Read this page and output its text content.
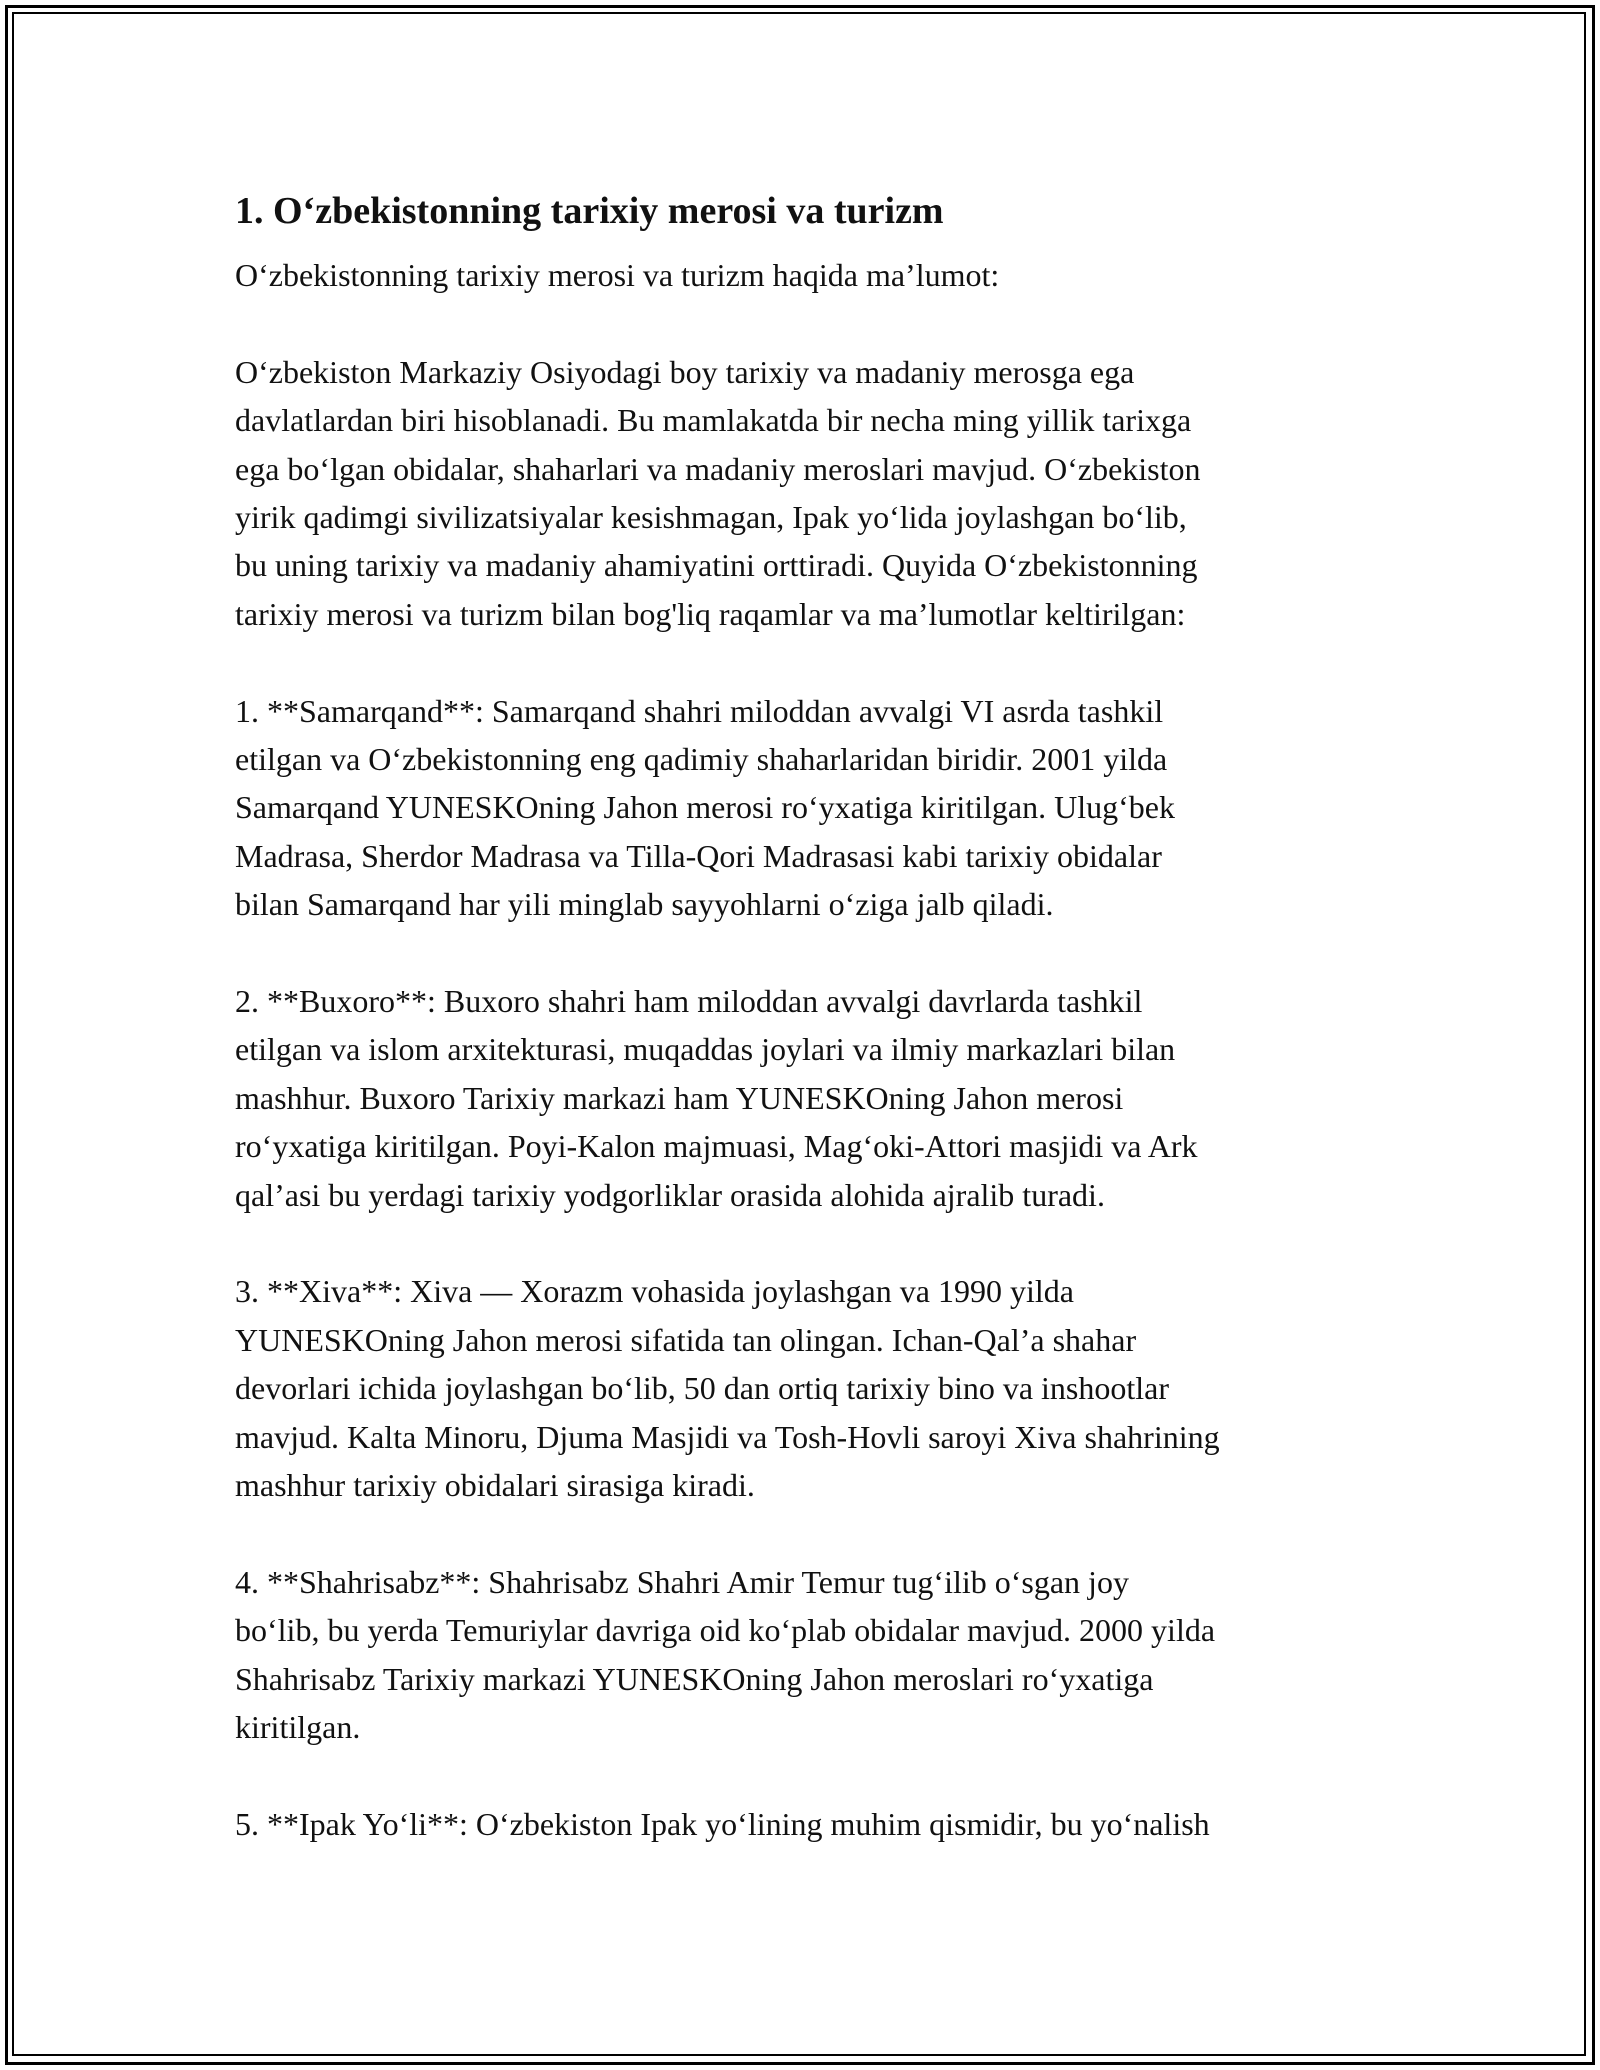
1. O‘zbekistonning tarixiy merosi va turizm
O‘zbekistonning tarixiy merosi va turizm haqida ma’lumot:
O‘zbekiston Markaziy Osiyodagi boy tarixiy va madaniy merosga ega
davlatlardan biri hisoblanadi. Bu mamlakatda bir necha ming yillik tarixga
ega bo‘lgan obidalar, shaharlari va madaniy meroslari mavjud. O‘zbekiston
yirik qadimgi sivilizatsiyalar kesishmagan, Ipak yo‘lida joylashgan bo‘lib,
bu uning tarixiy va madaniy ahamiyatini orttiradi. Quyida O‘zbekistonning
tarixiy merosi va turizm bilan bog'liq raqamlar va ma’lumotlar keltirilgan:
1. **Samarqand**: Samarqand shahri miloddan avvalgi VI asrda tashkil
etilgan va O‘zbekistonning eng qadimiy shaharlaridan biridir. 2001 yilda
Samarqand YUNESKOning Jahon merosi ro‘yxatiga kiritilgan. Ulug‘bek
Madrasa, Sherdor Madrasa va Tilla-Qori Madrasasi kabi tarixiy obidalar
bilan Samarqand har yili minglab sayyohlarni o‘ziga jalb qiladi.
2. **Buxoro**: Buxoro shahri ham miloddan avvalgi davrlarda tashkil
etilgan va islom arxitekturasi, muqaddas joylari va ilmiy markazlari bilan
mashhur. Buxoro Tarixiy markazi ham YUNESKOning Jahon merosi
ro‘yxatiga kiritilgan. Poyi-Kalon majmuasi, Mag‘oki-Attori masjidi va Ark
qal’asi bu yerdagi tarixiy yodgorliklar orasida alohida ajralib turadi.
3. **Xiva**: Xiva — Xorazm vohasida joylashgan va 1990 yilda
YUNESKOning Jahon merosi sifatida tan olingan. Ichan-Qal’a shahar
devorlari ichida joylashgan bo‘lib, 50 dan ortiq tarixiy bino va inshootlar
mavjud. Kalta Minoru, Djuma Masjidi va Tosh-Hovli saroyi Xiva shahrining
mashhur tarixiy obidalari sirasiga kiradi.
4. **Shahrisabz**: Shahrisabz Shahri Amir Temur tug‘ilib o‘sgan joy
bo‘lib, bu yerda Temuriylar davriga oid ko‘plab obidalar mavjud. 2000 yilda
Shahrisabz Tarixiy markazi YUNESKOning Jahon meroslari ro‘yxatiga
kiritilgan.
5. **Ipak Yo‘li**: O‘zbekiston Ipak yo‘lining muhim qismidir, bu yo‘nalish
